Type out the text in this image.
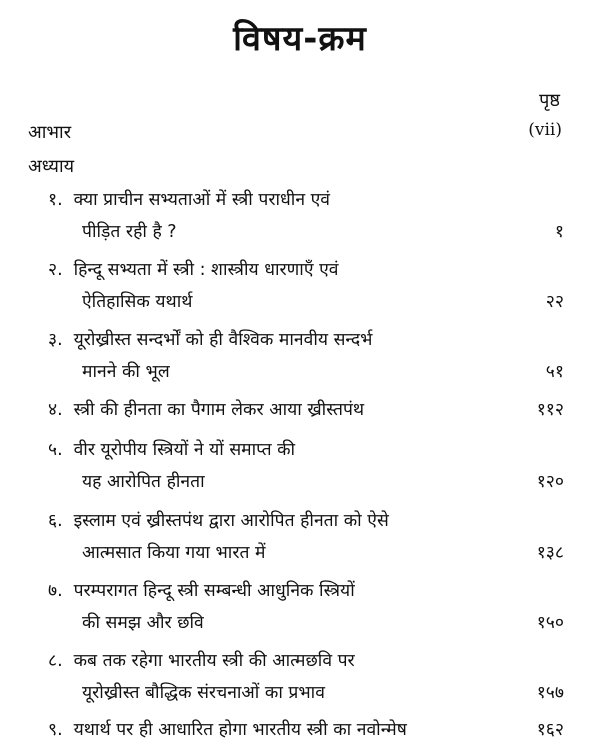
विषय-क्रम
पृष्ठ
आभार	(vii)
अध्याय
१. क्या प्राचीन सभ्यताओं में स्त्री पराधीन एवं
पीड़ित रही है ?	१
२. हिन्दू सभ्यता में स्त्री : शास्त्रीय धारणाएँ एवं
ऐतिहासिक यथार्थ	२२
३. यूरोख्रीस्त सन्दर्भों को ही वैश्विक मानवीय सन्दर्भ
मानने की भूल	५१
४. स्त्री की हीनता का पैगाम लेकर आया ख्रीस्तपंथ	११२
५. वीर यूरोपीय स्त्रियों ने यों समाप्त की
यह आरोपित हीनता	१२०
६. इस्लाम एवं ख्रीस्तपंथ द्वारा आरोपित हीनता को ऐसे
आत्मसात किया गया भारत में	१३८
७. परम्परागत हिन्दू स्त्री सम्बन्धी आधुनिक स्त्रियों
की समझ और छवि	१५०
८. कब तक रहेगा भारतीय स्त्री की आत्मछवि पर
यूरोख्रीस्त बौद्धिक संरचनाओं का प्रभाव	१५७
९. यथार्थ पर ही आधारित होगा भारतीय स्त्री का नवोन्मेष	१६२
